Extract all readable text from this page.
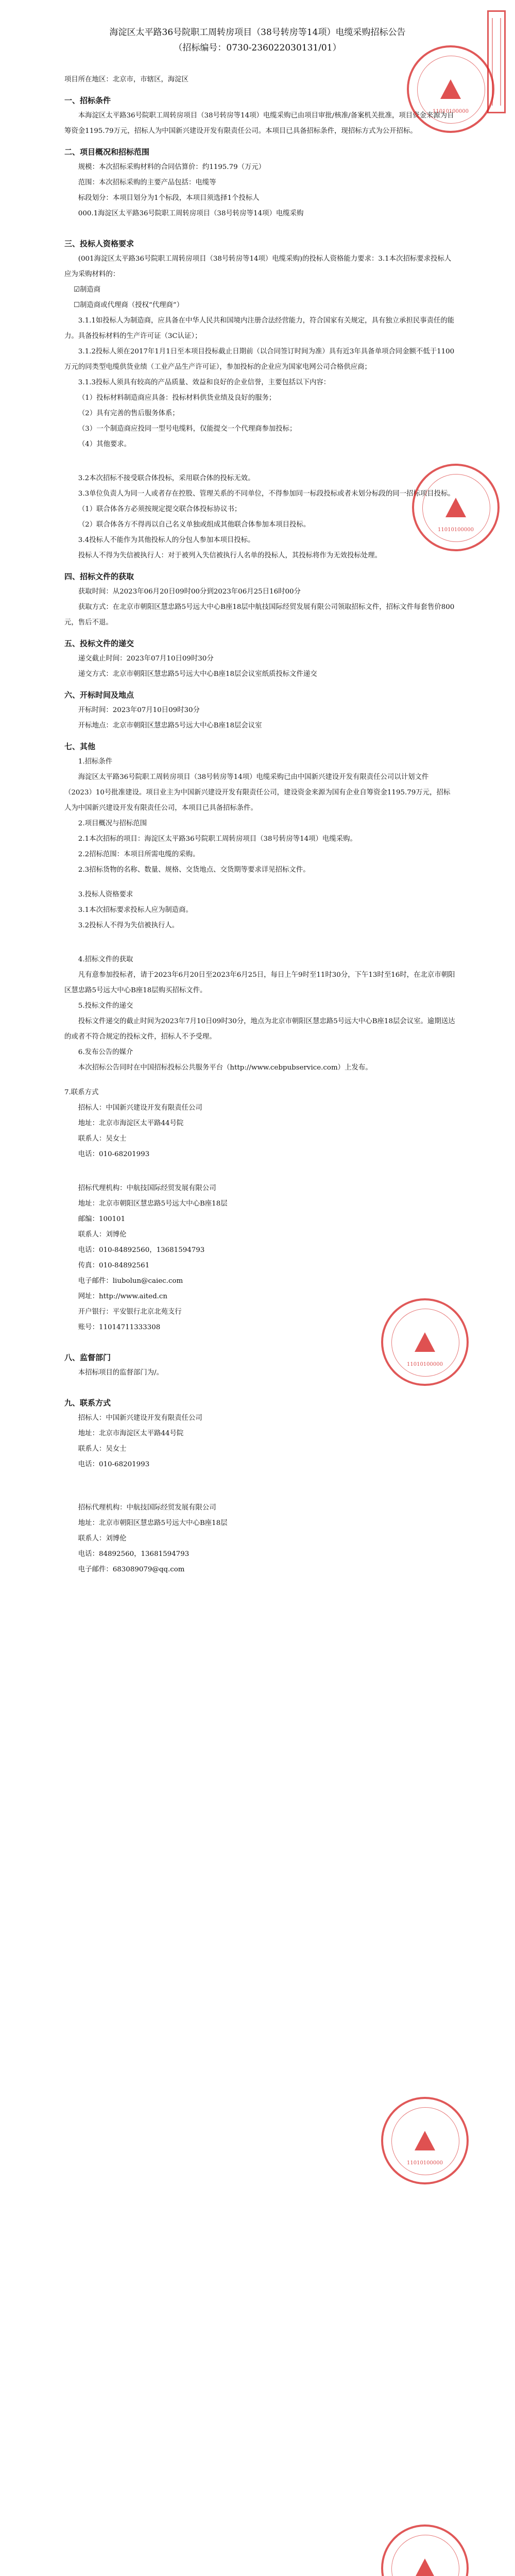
海淀区太平路36号院职工周转房项目（38号转房等14项）电缆采购招标公告
（招标编号：0730-236022030131/01）

项目所在地区：北京市，市辖区，海淀区

一、招标条件

本海淀区太平路36号院职工周转房项目（38号转房等14项）电缆采购已由项目审批/核准/备案机关批准，项目资金来源为自筹资金1195.79万元，招标人为中国新兴建设开发有限责任公司。本项目已具备招标条件，现招标方式为公开招标。

二、项目概况和招标范围

规模：本次招标采购材料的合同估算价：约1195.79（万元）

范围：本次招标采购的主要产品包括：电缆等

标段划分：本项目划分为1个标段，本项目须选择1个投标人

000.1海淀区太平路36号院职工周转房项目（38号转房等14项）电缆采购

三、投标人资格要求

(001海淀区太平路36号院职工周转房项目（38号转房等14项）电缆采购)的投标人资格能力要求：3.1本次招标要求投标人应为采购材料的：

☑制造商

☐制造商或代理商（授权“代理商”）

3.1.1如投标人为制造商，应具备在中华人民共和国境内注册合法经营能力，符合国家有关规定，具有独立承担民事责任的能力。具备投标材料的生产许可证（3C认证）；

3.1.2投标人须在2017年1月1日至本项目投标截止日期前（以合同签订时间为准）具有近3年具备单项合同金额不低于1100万元的同类型电缆供货业绩（工业产品生产许可证），参加投标的企业应为国家电网公司合格供应商；

3.1.3投标人须具有较高的产品质量、效益和良好的企业信誉，主要包括以下内容：

（1）投标材料制造商应具备：投标材料供货业绩及良好的服务；

（2）具有完善的售后服务体系；

（3）一个制造商应投同一型号电缆料，仅能提交一个代理商参加投标；

（4）其他要求。

3.2本次招标不接受联合体投标，采用联合体的投标无效。

3.3单位负责人为同一人或者存在控股、管理关系的不同单位，不得参加同一标段投标或者未划分标段的同一招标项目投标。

（1）联合体各方必须按规定提交联合体投标协议书；

（2）联合体各方不得再以自己名义单独或组成其他联合体参加本项目投标。

3.4投标人不能作为其他投标人的分包人参加本项目投标。

投标人不得为失信被执行人：对于被列入失信被执行人名单的投标人，其投标将作为无效投标处理。

四、招标文件的获取

获取时间：从2023年06月20日09时00分到2023年06月25日16时00分

获取方式：在北京市朝阳区慧忠路5号远大中心B座18层中航技国际经贸发展有限公司领取招标文件，招标文件每套售价800元，售后不退。

五、投标文件的递交

递交截止时间：2023年07月10日09时30分

递交方式：北京市朝阳区慧忠路5号远大中心B座18层会议室纸质投标文件递交

六、开标时间及地点

开标时间：2023年07月10日09时30分

开标地点：北京市朝阳区慧忠路5号远大中心B座18层会议室

七、其他

1.招标条件

海淀区太平路36号院职工周转房项目（38号转房等14项）电缆采购已由中国新兴建设开发有限责任公司以计划文件（2023）10号批准建设。项目业主为中国新兴建设开发有限责任公司，建设资金来源为国有企业自筹资金1195.79万元，招标人为中国新兴建设开发有限责任公司，本项目已具备招标条件。

2.项目概况与招标范围

2.1本次招标的项目：海淀区太平路36号院职工周转房项目（38号转房等14项）电缆采购。

2.2招标范围：本项目所需电缆的采购。

2.3招标货物的名称、数量、规格、交货地点、交货期等要求详见招标文件。

3.投标人资格要求

3.1本次招标要求投标人应为制造商。

3.2投标人不得为失信被执行人。

4.招标文件的获取

凡有意参加投标者，请于2023年6月20日至2023年6月25日，每日上午9时至11时30分，下午13时至16时，在北京市朝阳区慧忠路5号远大中心B座18层购买招标文件。

5.投标文件的递交

投标文件递交的截止时间为2023年7月10日09时30分，地点为北京市朝阳区慧忠路5号远大中心B座18层会议室。逾期送达的或者不符合规定的投标文件，招标人不予受理。

6.发布公告的媒介

本次招标公告同时在中国招标投标公共服务平台（http://www.cebpubservice.com）上发布。

7.联系方式

招标人：中国新兴建设开发有限责任公司

地址：北京市海淀区太平路44号院

联系人：吴女士

电话：010-68201993

招标代理机构：中航技国际经贸发展有限公司

地址：北京市朝阳区慧忠路5号远大中心B座18层

邮编：100101

联系人：刘博伦

电话：010-84892560，13681594793

传真：010-84892561

电子邮件：liubolun@caiec.com

网址：http://www.aited.cn

开户银行：平安银行北京北苑支行

账号：11014711333308

八、监督部门

本招标项目的监督部门为/。

九、联系方式

招标人：中国新兴建设开发有限责任公司

地址：北京市海淀区太平路44号院

联系人：吴女士

电话：010-68201993

招标代理机构：中航技国际经贸发展有限公司

地址：北京市朝阳区慧忠路5号远大中心B座18层

联系人：刘博伦

电话：84892560，13681594793

电子邮件：683089079@qq.com

11010100000
11010100000
11010100000
11010100000
